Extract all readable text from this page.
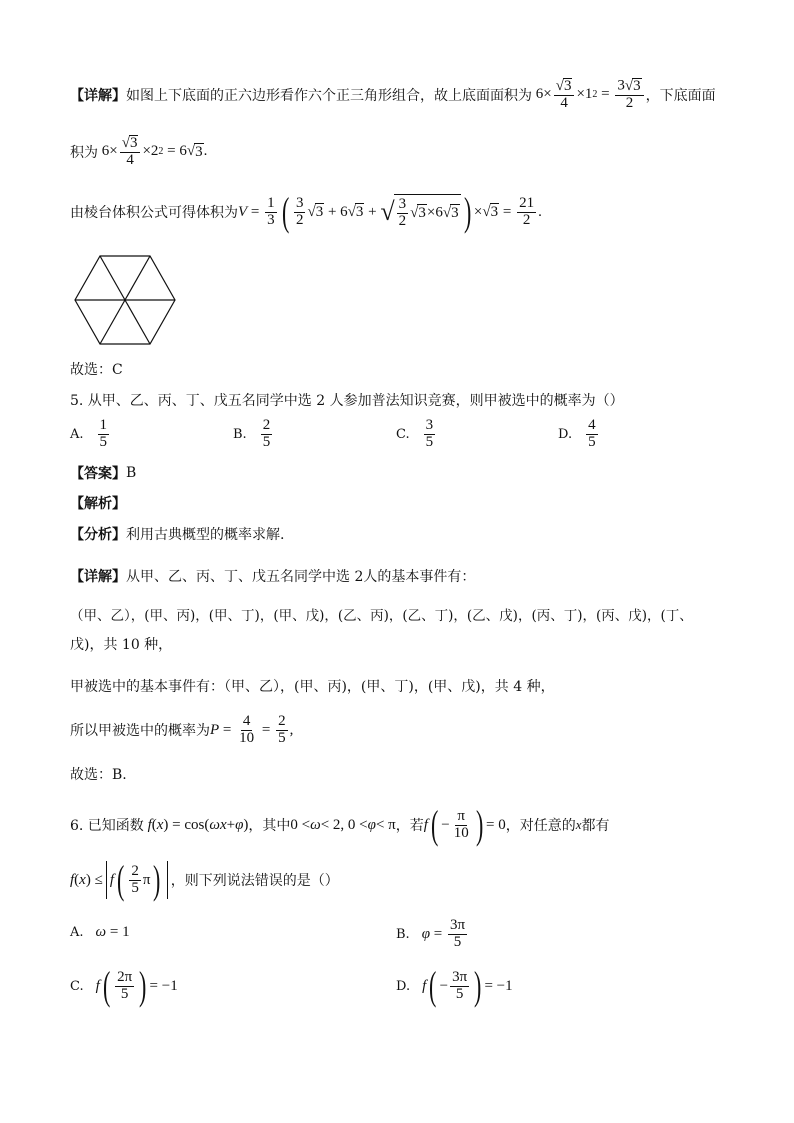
【详解】 如图上下底面的正六边形看作六个正三角形组合，故上底面面积为 $6\times \frac{√ 3}{4} \times 1$ $2 = \frac{3 √ 3}{2}$ ，下底面面
积为 $6\times \frac{√ 3}{4} \times 2$ 2 = 6 √ 3 .
由棱台体积公式可得体积为 $V = \frac{1}{3}$ ( $\frac{3}{2}$ √ 3 + 6 √ 3 + √ $\frac{3}{2}$ √ 3 ×6 √ 3 ) × √ $3 = \frac{21}{2}$ .
故选：C
5. 从甲、乙、丙、丁、戊五名同学中选 2 人参加普法知识竞赛，则甲被选中的概率为（）
A. $\frac{1}{5}$	B. $\frac{2}{5}$	C. $\frac{3}{5}$	D. $\frac{4}{5}$
【答案】 B
【解析】
【分析】 利用古典概型的概率求解.
【详解】 从甲、乙、丙、丁、戊五名同学中选 2人的基本事件有：
（甲、乙），(甲、丙)，(甲、丁)，(甲、戊)，(乙、丙)，(乙、丁)，(乙、戊)，(丙、丁)，(丙、戊)，(丁、
戊)，共 10 种，
甲被选中的基本事件有：（甲、乙），(甲、丙)，(甲、丁)，(甲、戊)，共 4 种，
所以甲被选中的概率为 $P = \frac{4}{10} = \frac{2}{5}$ ,
故选：B.
6. 已知函数
f ( x ) = cos( ωx + φ ) ，其中 0 < ω < 2, 0 < φ < π ，若 f ( − $\frac{\pi}{10}$ ) = 0 ，对任意的 x 都有
f ( x ) ≤ f ( $\frac{2}{5}$ π ) ，则下列说法错误的是（）
A. ω = 1	B. $\varphi = \frac{3\pi}{5}$
C. f ( $\frac{2\pi}{5}$ ) = −1	D. f ( − $\frac{3\pi}{5}$ ) = −1
